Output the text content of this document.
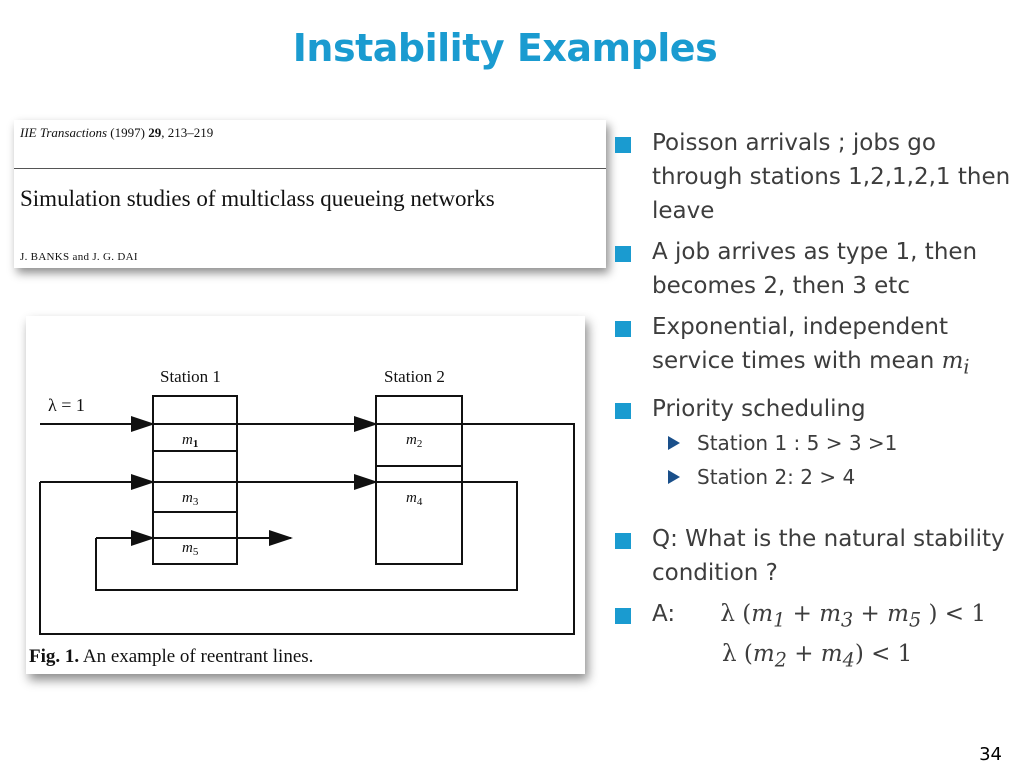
Instability Examples
IIE Transactions (1997) 29, 213–219
Simulation studies of multiclass queueing networks
J. BANKS and J. G. DAI
Station 1	Station 2
λ = 1
$m_1$
$m_3$
$m_5$
$m_2$
$m_4$
Fig. 1. An example of reentrant lines.
Poisson arrivals ; jobs go through stations 1,2,1,2,1 then leave
A job arrives as type 1, then becomes 2, then 3 etc
Exponential, independent service times with mean $m_i$
Priority scheduling
Station 1 : 5 > 3 >1
Station 2: 2 > 4
Q: What is the natural stability condition ?
A: λ ($m_1 + m_3 + m_5$ ) < 1
λ $(m_2 + m_4) < 1$
34
